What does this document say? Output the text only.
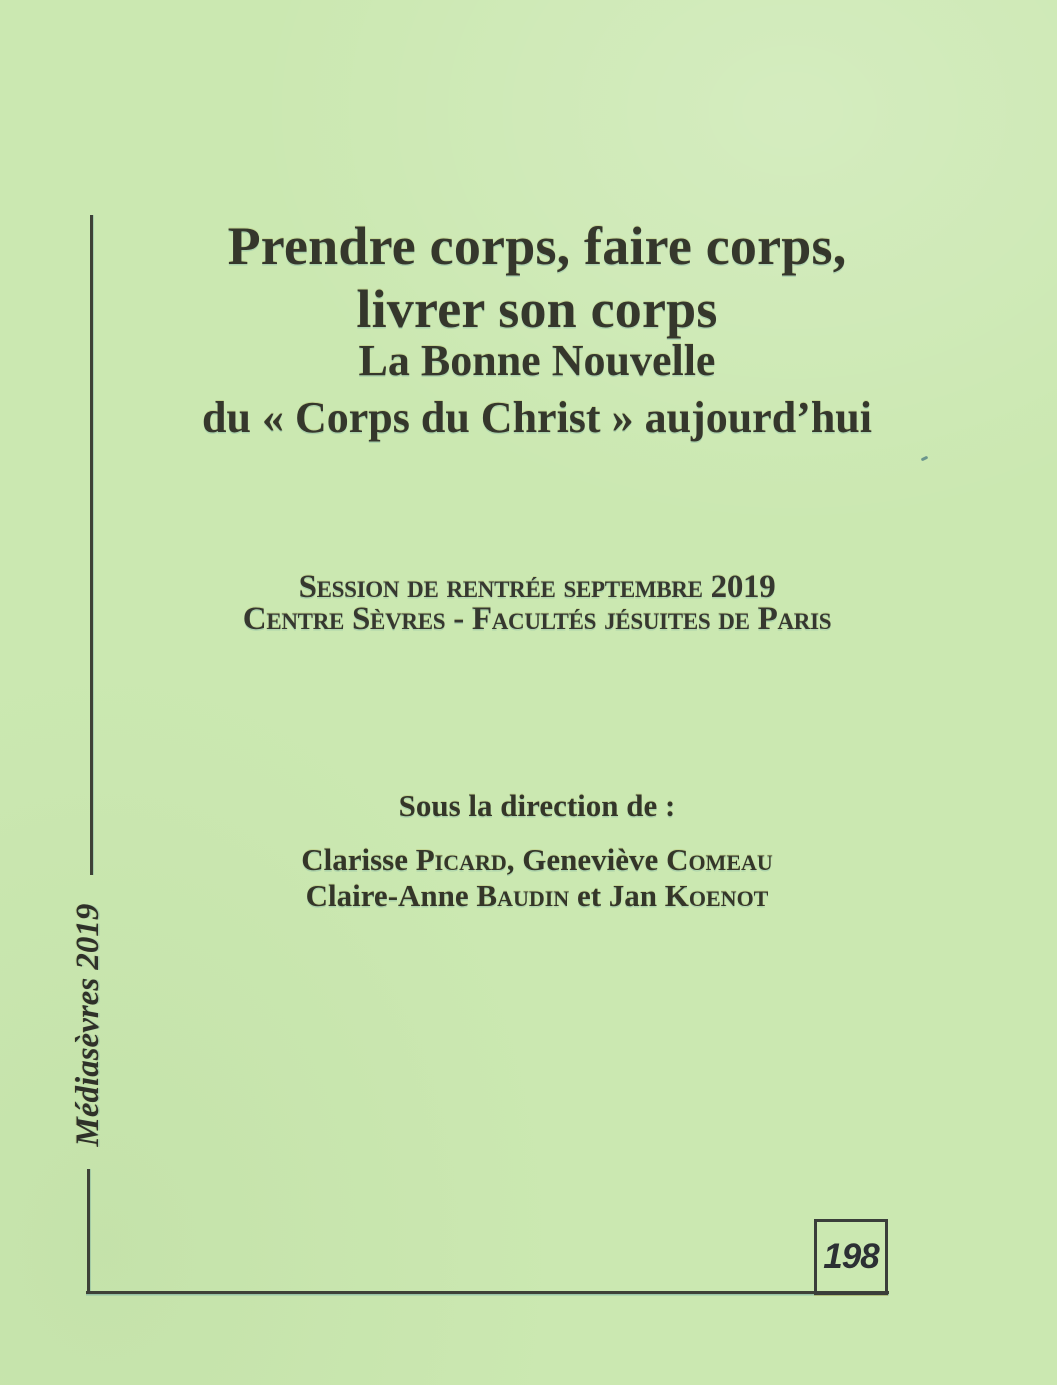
Prendre corps, faire corps,
livrer son corps
La Bonne Nouvelle
du « Corps du Christ » aujourd’hui
Session de rentrée septembre 2019
Centre Sèvres - Facultés jésuites de Paris
Sous la direction de :
Clarisse Picard, Geneviève Comeau
Claire-Anne Baudin et Jan Koenot
Médiasèvres 2019
198
